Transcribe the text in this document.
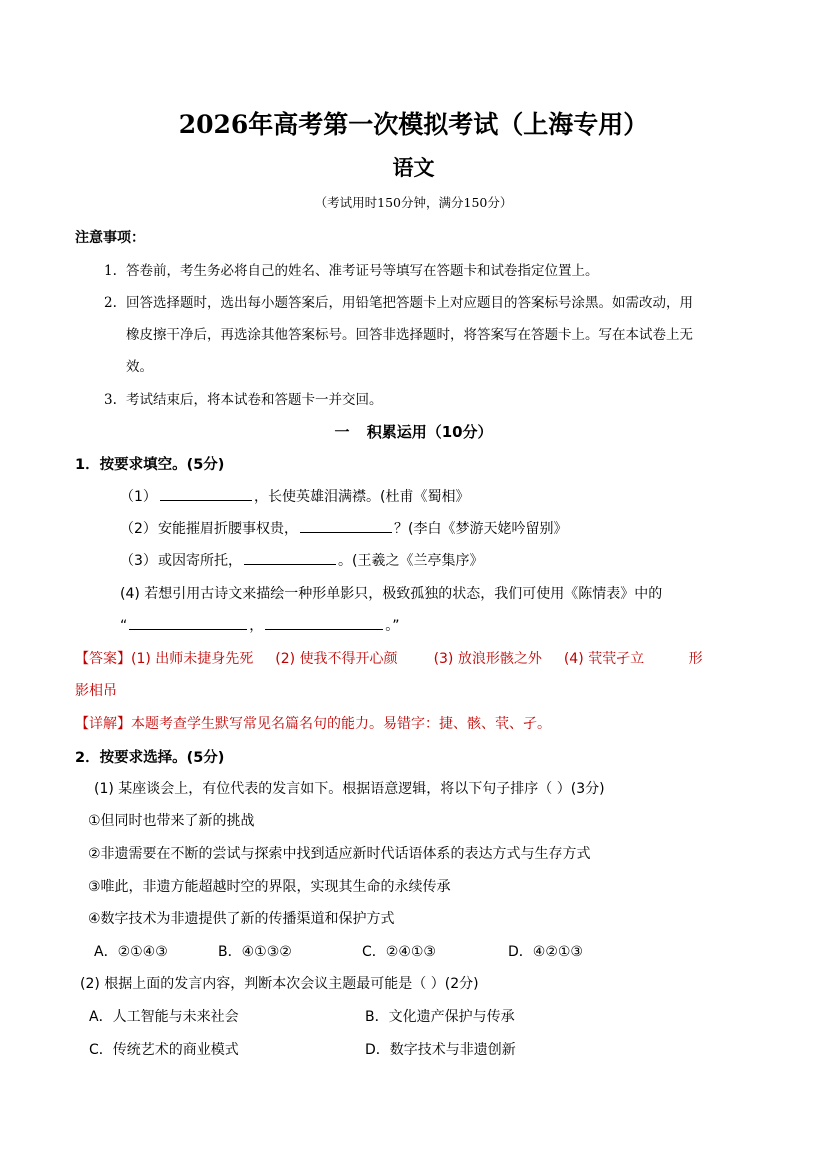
2026年高考第一次模拟考试（上海专用）
语文
（考试用时150分钟，满分150分）
注意事项：
1. 答卷前，考生务必将自己的姓名、准考证号等填写在答题卡和试卷指定位置上。
2. 回答选择题时，选出每小题答案后，用铅笔把答题卡上对应题目的答案标号涂黑。如需改动，用
橡皮擦干净后，再选涂其他答案标号。回答非选择题时，将答案写在答题卡上。写在本试卷上无
效。
3. 考试结束后，将本试卷和答题卡一并交回。
一 积累运用（10分）
1．按要求填空。(5分)
（1）	，长使英雄泪满襟。(杜甫《蜀相》
（2）安能摧眉折腰事权贵，	？(李白《梦游天姥吟留别》
（3）或因寄所托，	。(王羲之《兰亭集序》
(4) 若想引用古诗文来描绘一种形单影只，极致孤独的状态，我们可使用《陈情表》中的
“	，	。”
【答案】(1) 出师未捷身先死 (2) 使我不得开心颜	(3) 放浪形骸之外 (4) 茕茕孑立          形
影相吊
【详解】本题考查学生默写常见名篇名句的能力。易错字：捷、骸、茕、孑。
2．按要求选择。(5分)
(1) 某座谈会上，有位代表的发言如下。根据语意逻辑，将以下句子排序（ ）(3分)
①但同时也带来了新的挑战
②非遗需要在不断的尝试与探索中找到适应新时代话语体系的表达方式与生存方式
③唯此，非遗方能超越时空的界限，实现其生命的永续传承
④数字技术为非遗提供了新的传播渠道和保护方式
A．②①④③	B．④①③②	C．②④①③	D．④②①③
(2) 根据上面的发言内容，判断本次会议主题最可能是（ ）(2分)
A．人工智能与未来社会	B．文化遗产保护与传承
C．传统艺术的商业模式	D．数字技术与非遗创新
